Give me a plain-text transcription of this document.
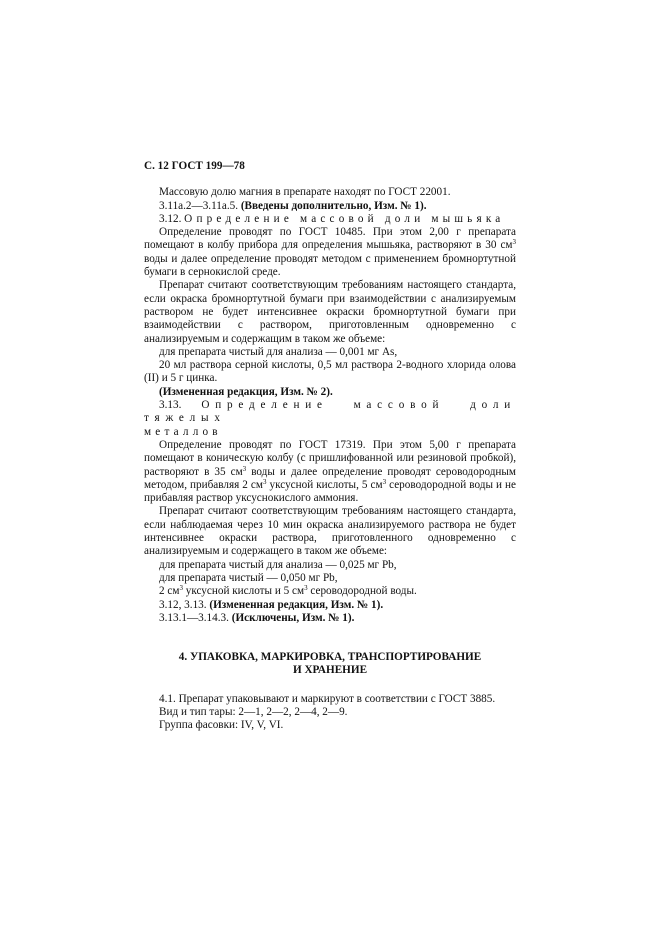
С. 12 ГОСТ 199—78

Массовую долю магния в препарате находят по ГОСТ 22001.

3.11а.2—3.11а.5. (Введены дополнительно, Изм. № 1).

3.12. Определение массовой доли мышьяка

Определение проводят по ГОСТ 10485. При этом 2,00 г препарата помещают в колбу прибора для определения мышьяка, растворяют в 30 $см^3$ воды и далее определение проводят методом с применением бромнортутной бумаги в сернокислой среде.

Препарат считают соответствующим требованиям настоящего стандарта, если окраска бромнортутной бумаги при взаимодействии с анализируемым раствором не будет интенсивнее окраски бромнортутной бумаги при взаимодействии с раствором, приготовленным одновременно с анализируемым и содержащим в таком же объеме:

для препарата чистый для анализа — 0,001 мг As,

20 мл раствора серной кислоты, 0,5 мл раствора 2-водного хлорида олова (II) и 5 г цинка.

(Измененная редакция, Изм. № 2).

3.13. Определение массовой доли тяжелых

металлов

Определение проводят по ГОСТ 17319. При этом 5,00 г препарата помещают в коническую колбу (с пришлифованной или резиновой пробкой), растворяют в 35 $см^3$ воды и далее определение проводят сероводородным методом, прибавляя 2 $см^3$ уксусной кислоты, 5 $см^3$ сероводородной воды и не прибавляя раствор уксуснокислого аммония.

Препарат считают соответствующим требованиям настоящего стандарта, если наблюдаемая через 10 мин окраска анализируемого раствора не будет интенсивнее окраски раствора, приготовленного одновременно с анализируемым и содержащего в таком же объеме:

для препарата чистый для анализа — 0,025 мг Pb,

для препарата чистый — 0,050 мг Pb,

2 $см^3$ уксусной кислоты и 5 $см^3$ сероводородной воды.

3.12, 3.13. (Измененная редакция, Изм. № 1).

3.13.1—3.14.3. (Исключены, Изм. № 1).

4. УПАКОВКА, МАРКИРОВКА, ТРАНСПОРТИРОВАНИЕ
И ХРАНЕНИЕ

4.1. Препарат упаковывают и маркируют в соответствии с ГОСТ 3885.

Вид и тип тары: 2—1, 2—2, 2—4, 2—9.

Группа фасовки: IV, V, VI.
